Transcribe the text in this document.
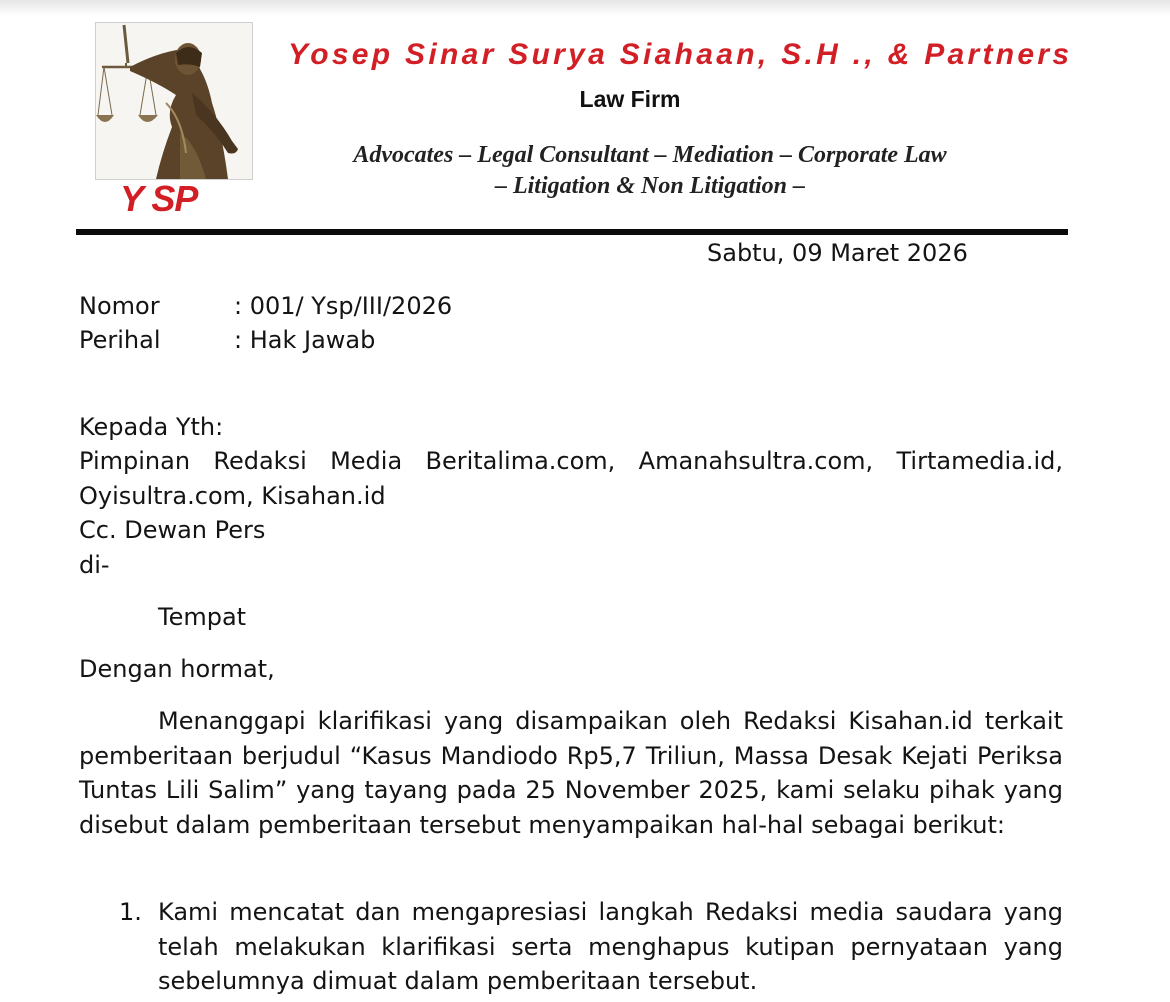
Y SP
Yosep Sinar Surya Siahaan, S.H ., & Partners
Law Firm
Advocates – Legal Consultant – Mediation – Corporate Law
– Litigation & Non Litigation –
Sabtu, 09 Maret 2026
Nomor	: 001/ Ysp/III/2026
Perihal	: Hak Jawab
Kepada Yth:
Pimpinan Redaksi Media Beritalima.com, Amanahsultra.com, Tirtamedia.id, Oyisultra.com, Kisahan.id
Cc. Dewan Pers
di-
Tempat
Dengan hormat,
Menanggapi klarifikasi yang disampaikan oleh Redaksi Kisahan.id terkait pemberitaan berjudul “Kasus Mandiodo Rp5,7 Triliun, Massa Desak Kejati Periksa Tuntas Lili Salim” yang tayang pada 25 November 2025, kami selaku pihak yang disebut dalam pemberitaan tersebut menyampaikan hal-hal sebagai berikut:
1. Kami mencatat dan mengapresiasi langkah Redaksi media saudara yang telah melakukan klarifikasi serta menghapus kutipan pernyataan yang sebelumnya dimuat dalam pemberitaan tersebut.
